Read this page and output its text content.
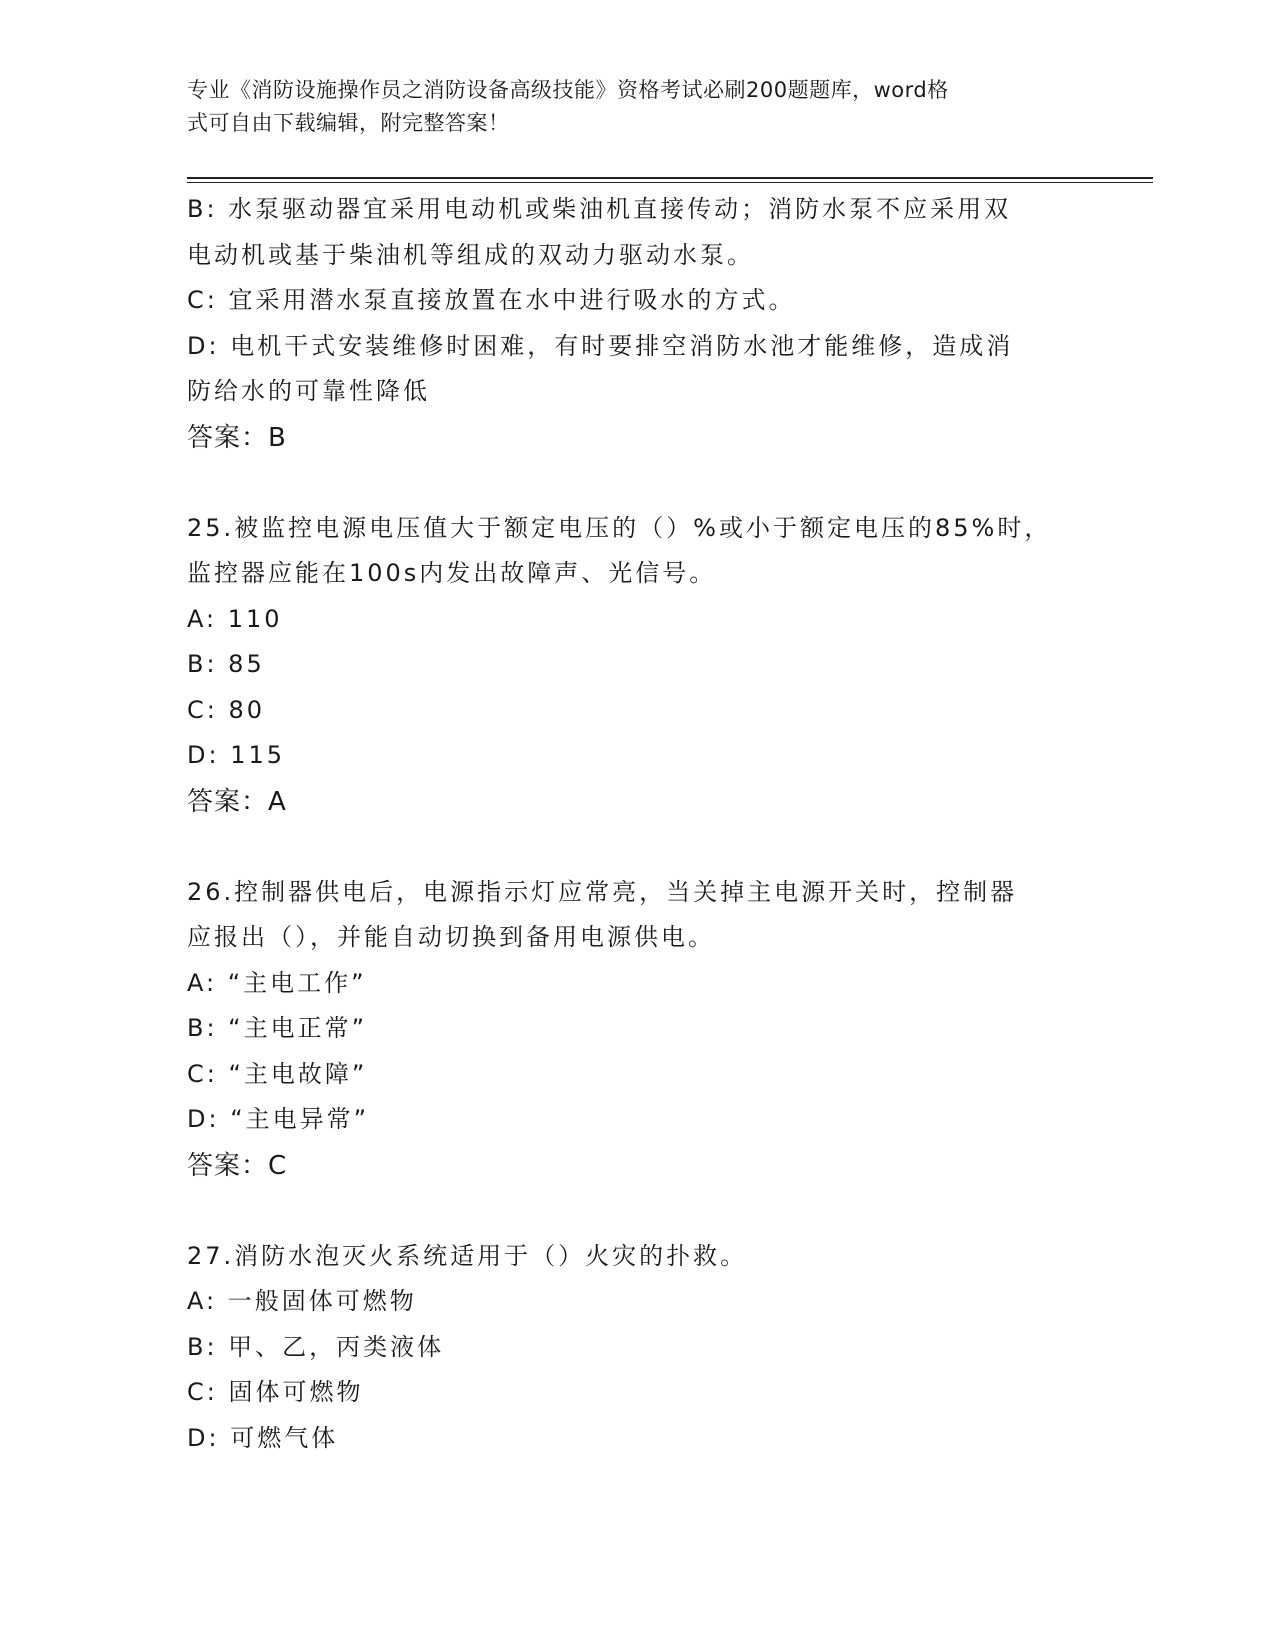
专业《消防设施操作员之消防设备高级技能》资格考试必刷200题题库，word格
式可自由下载编辑，附完整答案！
B: 水泵驱动器宜采用电动机或柴油机直接传动；消防水泵不应采用双
电动机或基于柴油机等组成的双动力驱动水泵。
C: 宜采用潜水泵直接放置在水中进行吸水的方式。
D: 电机干式安装维修时困难，有时要排空消防水池才能维修，造成消
防给水的可靠性降低
答案：B
25.被监控电源电压值大于额定电压的（）%或小于额定电压的85%时，
监控器应能在100s内发出故障声、光信号。
A: 110
B: 85
C: 80
D: 115
答案：A
26.控制器供电后，电源指示灯应常亮，当关掉主电源开关时，控制器
应报出（），并能自动切换到备用电源供电。
A: “主电工作”
B: “主电正常”
C: “主电故障”
D: “主电异常”
答案：C
27.消防水泡灭火系统适用于（）火灾的扑救。
A: 一般固体可燃物
B: 甲、乙，丙类液体
C: 固体可燃物
D: 可燃气体
